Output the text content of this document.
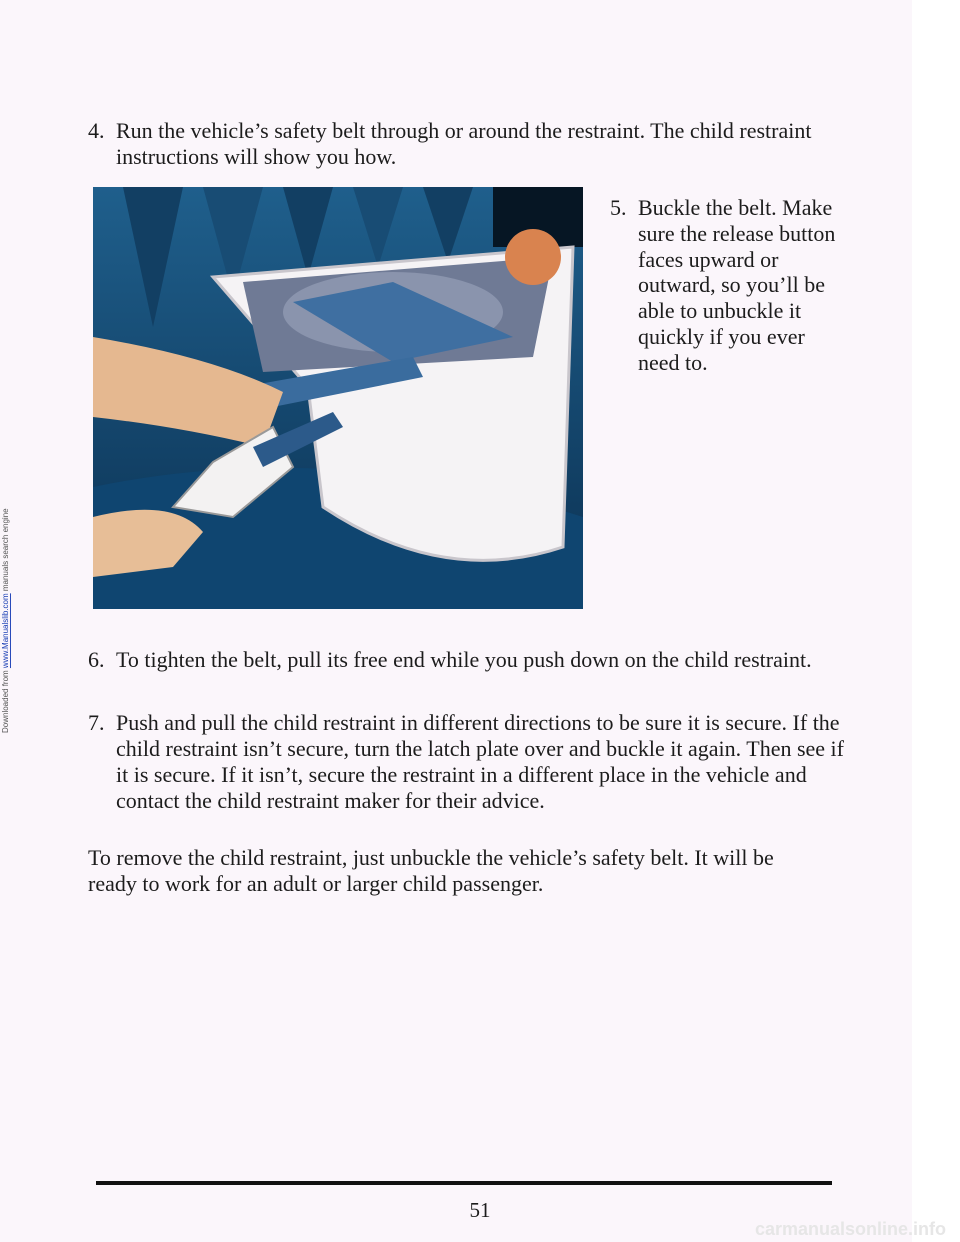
Downloaded from www.Manualslib.com manuals search engine
4. Run the vehicle’s safety belt through or around the restraint. The child restraint instructions will show you how.
5. Buckle the belt. Make sure the release button faces upward or outward, so you’ll be able to unbuckle it quickly if you ever need to.
6. To tighten the belt, pull its free end while you push down on the child restraint.
7. Push and pull the child restraint in different directions to be sure it is secure. If the child restraint isn’t secure, turn the latch plate over and buckle it again. Then see if it is secure. If it isn’t, secure the restraint in a different place in the vehicle and contact the child restraint maker for their advice.
To remove the child restraint, just unbuckle the vehicle’s safety belt. It will be ready to work for an adult or larger child passenger.
51
carmanualsonline.info
